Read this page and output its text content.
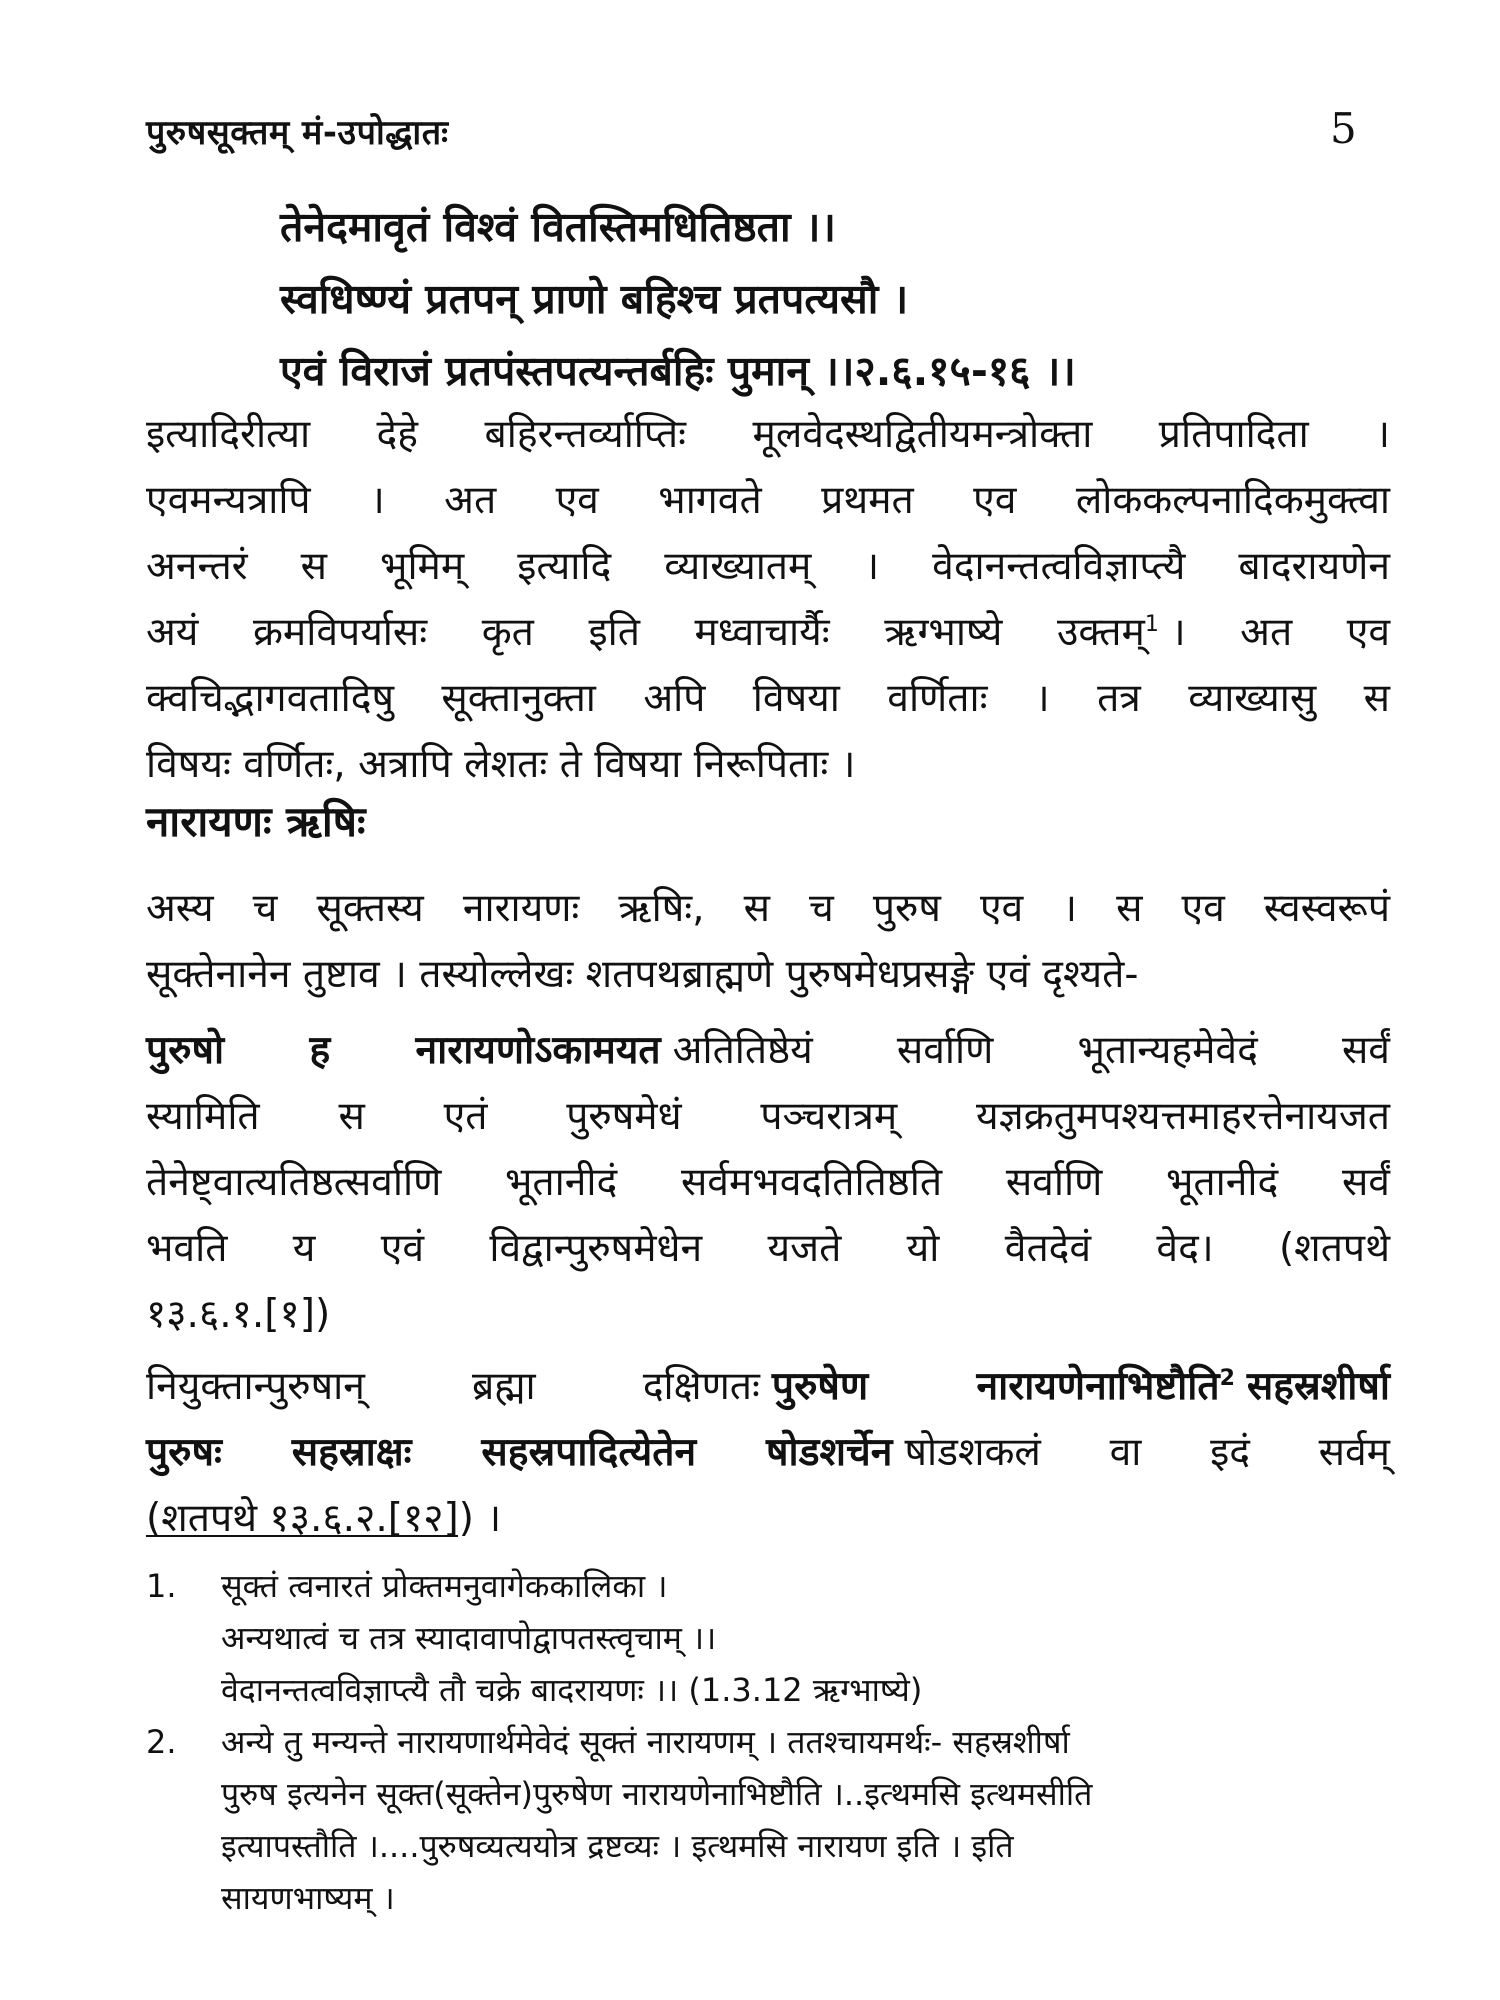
पुरुषसूक्तम् मं-उपोद्धातः	5
तेनेदमावृतं विश्वं वितस्तिमधितिष्ठता ।।
स्वधिष्ण्यं प्रतपन् प्राणो बहिश्च प्रतपत्यसौ ।
एवं विराजं प्रतपंस्तपत्यन्तर्बहिः पुमान् ।।२.६.१५-१६ ।।
इत्यादिरीत्या देहे बहिरन्तर्व्याप्तिः मूलवेदस्थद्वितीयमन्त्रोक्ता प्रतिपादिता ।
एवमन्यत्रापि । अत एव भागवते प्रथमत एव लोककल्पनादिकमुक्त्वा
अनन्तरं स भूमिम् इत्यादि व्याख्यातम् । वेदानन्तत्वविज्ञाप्त्यै बादरायणेन
अयं क्रमविपर्यासः कृत इति मध्वाचार्यैः ऋग्भाष्ये उक्तम्$^1$ । अत एव
क्वचिद्भागवतादिषु सूक्तानुक्ता अपि विषया वर्णिताः । तत्र व्याख्यासु स
विषयः वर्णितः, अत्रापि लेशतः ते विषया निरूपिताः ।
नारायणः ऋषिः
अस्य च सूक्तस्य नारायणः ऋषिः, स च पुरुष एव । स एव स्वस्वरूपं
सूक्तेनानेन तुष्टाव । तस्योल्लेखः शतपथब्राह्मणे पुरुषमेधप्रसङ्गे एवं दृश्यते-
पुरुषो ह नारायणोऽकामयत अतितिष्ठेयं सर्वाणि भूतान्यहमेवेदं सर्वं
स्यामिति स एतं पुरुषमेधं पञ्चरात्रम् यज्ञक्रतुमपश्यत्तमाहरत्तेनायजत
तेनेष्ट्वात्यतिष्ठत्सर्वाणि भूतानीदं सर्वमभवदतितिष्ठति सर्वाणि भूतानीदं सर्वं
भवति य एवं विद्वान्पुरुषमेधेन यजते यो वैतदेवं वेद। (शतपथे
१३.६.१.[१])
नियुक्तान्पुरुषान् ब्रह्मा दक्षिणतः पुरुषेण नारायणेनाभिष्टौति$^2$ सहस्रशीर्षा
पुरुषः सहस्राक्षः सहस्रपादित्येतेन षोडशर्चेन षोडशकलं वा इदं सर्वम्
(शतपथे १३.६.२.[१२]) ।
1. सूक्तं त्वनारतं प्रोक्तमनुवागेककालिका ।
अन्यथात्वं च तत्र स्यादावापोद्वापतस्त्वृचाम् ।।
वेदानन्तत्वविज्ञाप्त्यै तौ चक्रे बादरायणः ।। (1.3.12 ऋग्भाष्ये)
2. अन्ये तु मन्यन्ते नारायणार्थमेवेदं सूक्तं नारायणम् । ततश्चायमर्थः- सहस्रशीर्षा
पुरुष इत्यनेन सूक्त(सूक्तेन)पुरुषेण नारायणेनाभिष्टौति ।..इत्थमसि इत्थमसीति
इत्यापस्तौति ।....पुरुषव्यत्ययोत्र द्रष्टव्यः । इत्थमसि नारायण इति । इति
सायणभाष्यम् ।
